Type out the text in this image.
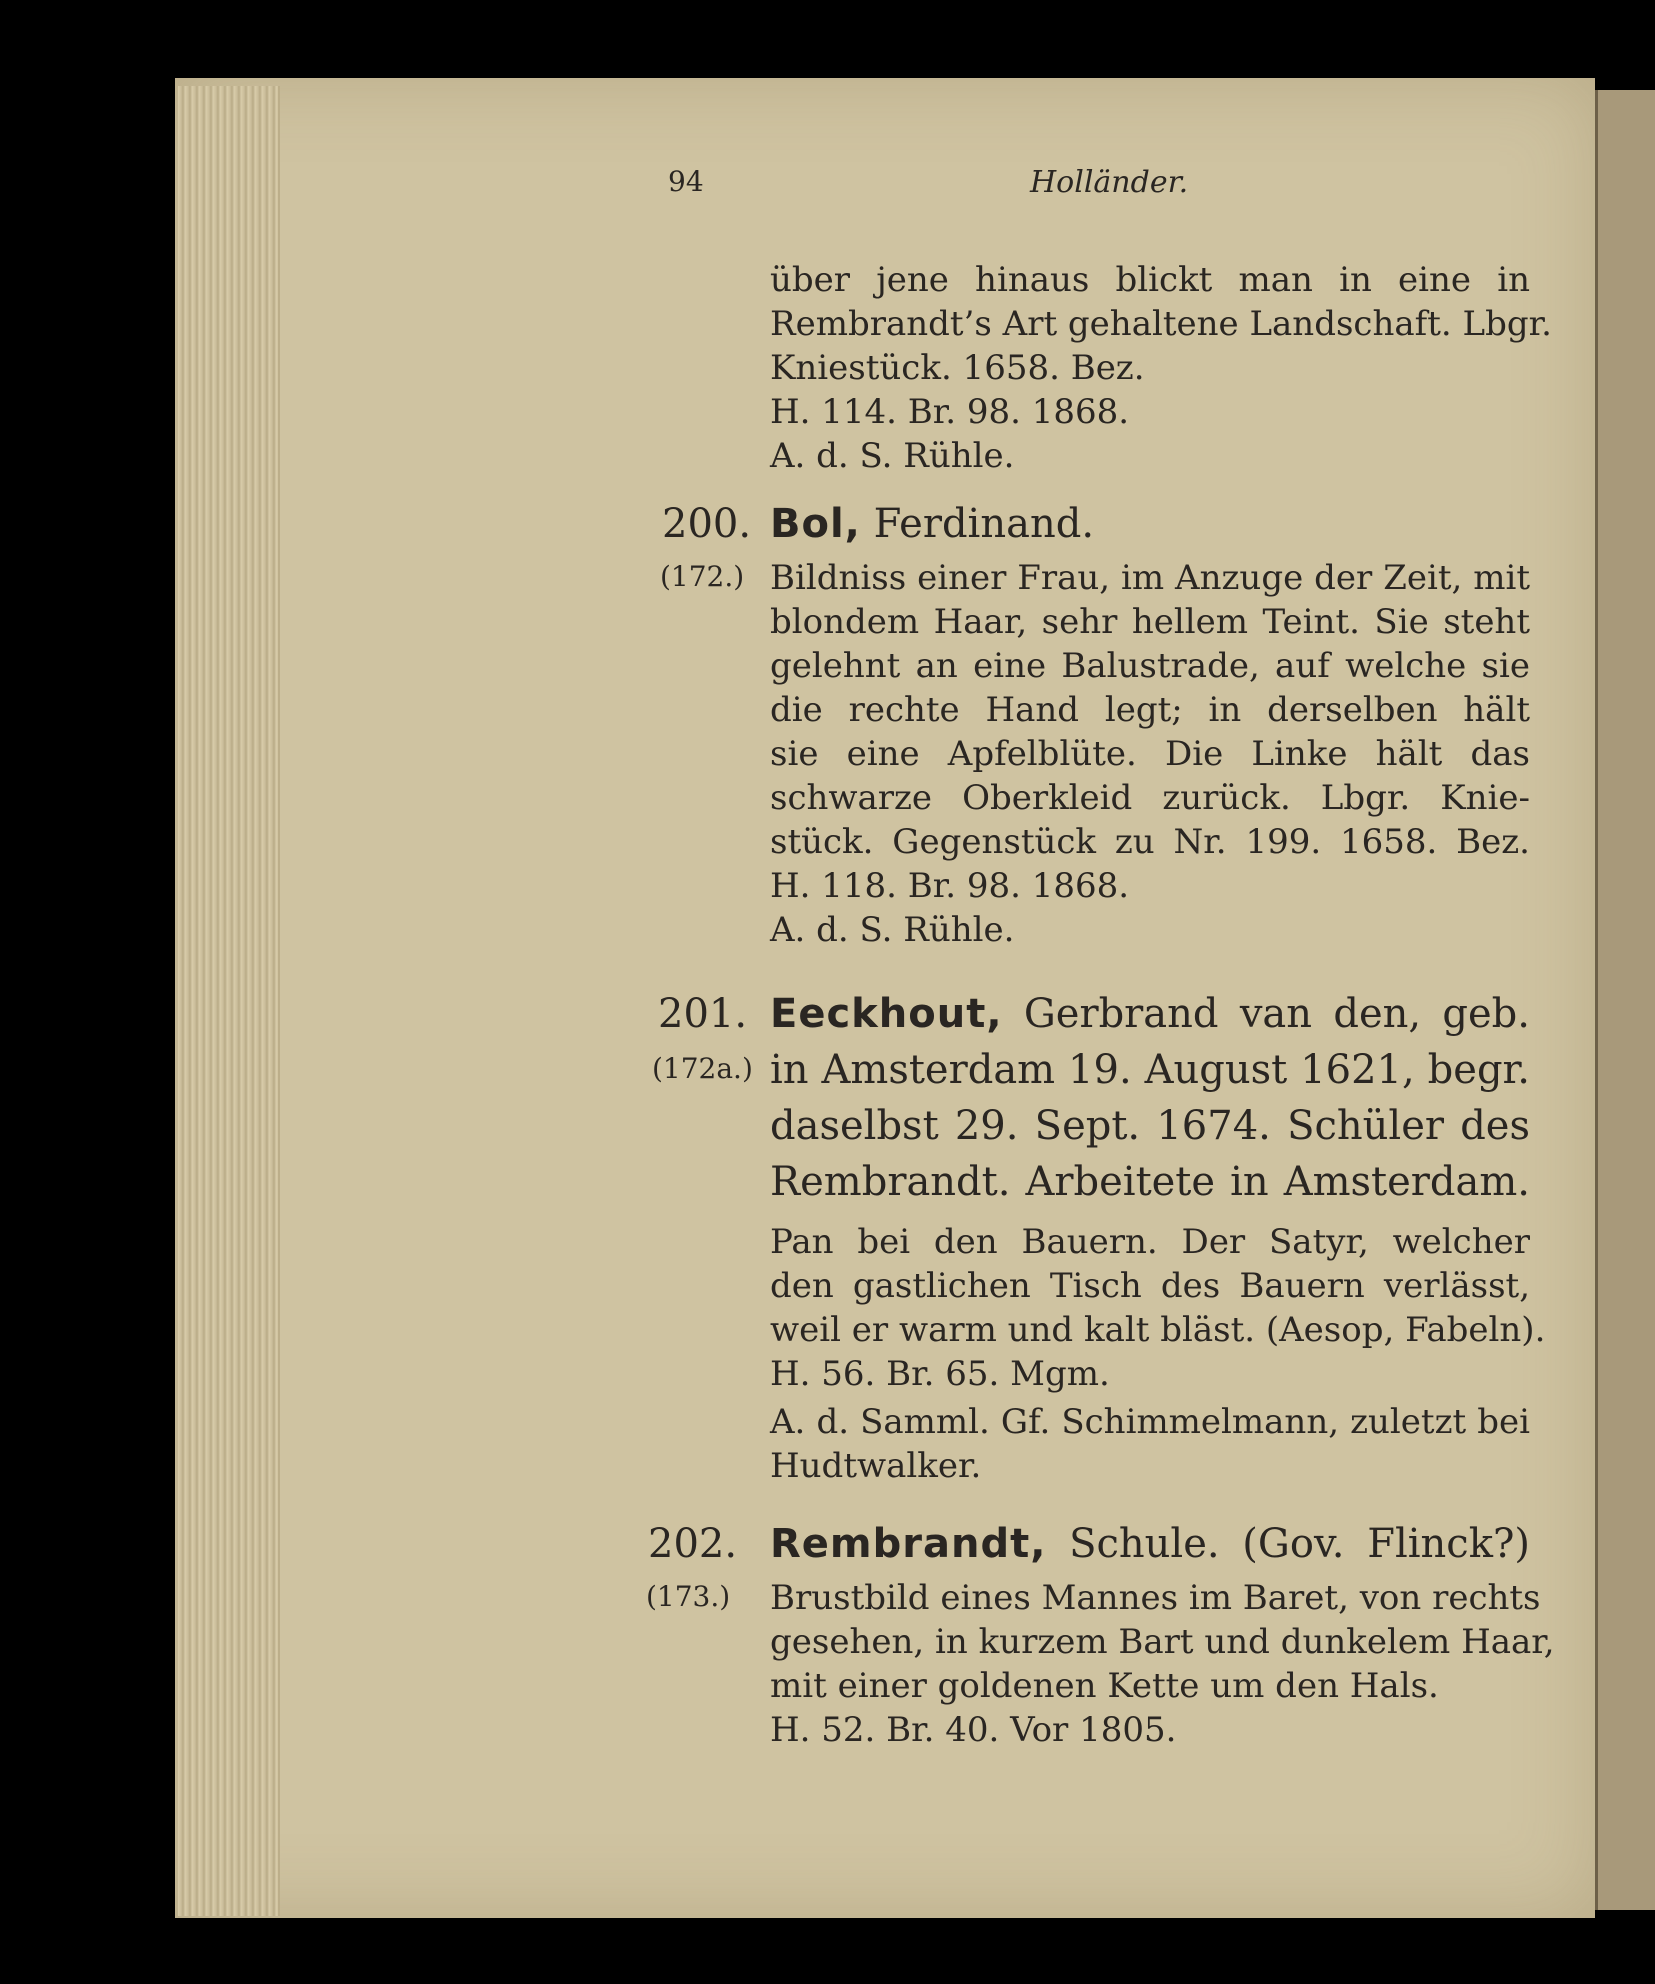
94	Holländer.
über jene hinaus blickt man in eine in
Rembrandt’s Art gehaltene Landschaft. Lbgr.
Kniestück. 1658. Bez.
H. 114. Br. 98. 1868.
A. d. S. Rühle.
200. Bol, Ferdinand.
(172.) Bildniss einer Frau, im Anzuge der Zeit, mit
blondem Haar, sehr hellem Teint. Sie steht
gelehnt an eine Balustrade, auf welche sie
die rechte Hand legt; in derselben hält
sie eine Apfelblüte. Die Linke hält das
schwarze Oberkleid zurück. Lbgr. Knie-
stück. Gegenstück zu Nr. 199. 1658. Bez.
H. 118. Br. 98. 1868.
A. d. S. Rühle.
201. Eeckhout, Gerbrand van den, geb.
(172a.) in Amsterdam 19. August 1621, begr.
daselbst 29. Sept. 1674. Schüler des
Rembrandt. Arbeitete in Amsterdam.
Pan bei den Bauern. Der Satyr, welcher
den gastlichen Tisch des Bauern verlässt,
weil er warm und kalt bläst. (Aesop, Fabeln).
H. 56. Br. 65. Mgm.
A. d. Samml. Gf. Schimmelmann, zuletzt bei
Hudtwalker.
202. Rembrandt, Schule. (Gov. Flinck?)
(173.) Brustbild eines Mannes im Baret, von rechts
gesehen, in kurzem Bart und dunkelem Haar,
mit einer goldenen Kette um den Hals.
H. 52. Br. 40. Vor 1805.
